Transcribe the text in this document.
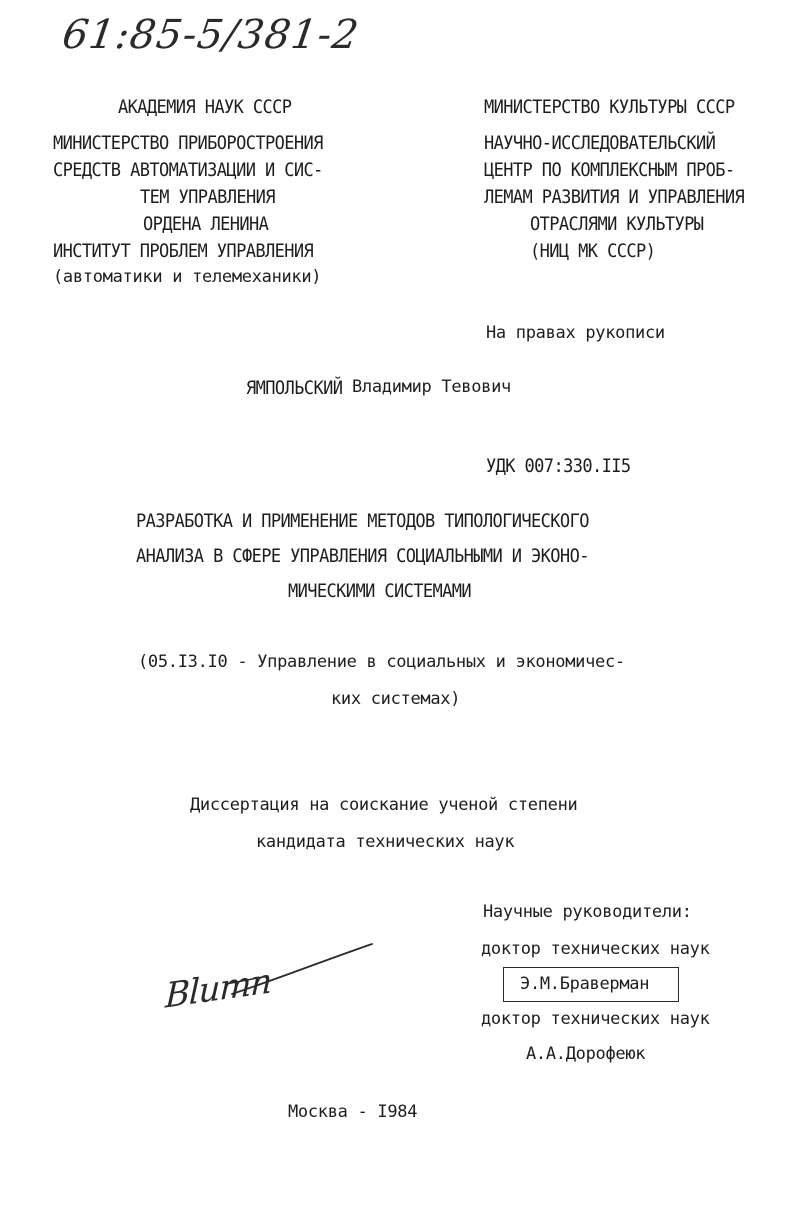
61:85-5/381-2
АКАДЕМИЯ НАУК СССР
МИНИСТЕРСТВО ПРИБОРОСТРОЕНИЯ
СРЕДСТВ АВТОМАТИЗАЦИИ И СИС-
ТЕМ УПРАВЛЕНИЯ
ОРДЕНА ЛЕНИНА
ИНСТИТУТ ПРОБЛЕМ УПРАВЛЕНИЯ
(автоматики и телемеханики)
МИНИСТЕРСТВО КУЛЬТУРЫ СССР
НАУЧНО-ИССЛЕДОВАТЕЛЬСКИЙ
ЦЕНТР ПО КОМПЛЕКСНЫМ ПРОБ-
ЛЕМАМ РАЗВИТИЯ И УПРАВЛЕНИЯ
ОТРАСЛЯМИ КУЛЬТУРЫ
(НИЦ МК СССР)
На правах рукописи
ЯМПОЛЬСКИЙ Владимир Тевович
УДК 007:330.II5
РАЗРАБОТКА И ПРИМЕНЕНИЕ МЕТОДОВ ТИПОЛОГИЧЕСКОГО
АНАЛИЗА В СФЕРЕ УПРАВЛЕНИЯ СОЦИАЛЬНЫМИ И ЭКОНО-
МИЧЕСКИМИ СИСТЕМАМИ
(05.I3.I0 - Управление в социальных и экономичес-
ких системах)
Диссертация на соискание ученой степени
кандидата технических наук
Научные руководители:
доктор технических наук
Э.М.Браверман
доктор технических наук
А.А.Дорофеюк
Вlumn
Москва - I984
